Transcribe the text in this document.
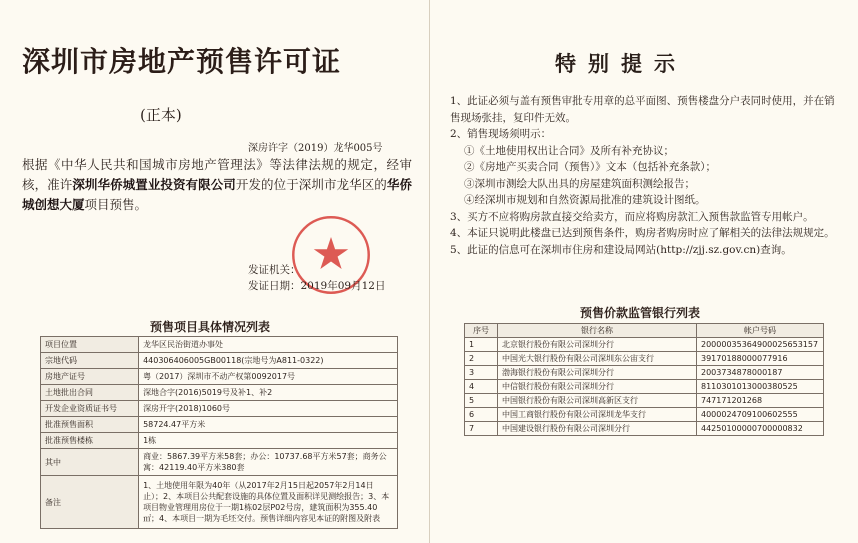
深圳市房地产预售许可证
(正本)
深房许字（2019）龙华005号
根据《中华人民共和国城市房地产管理法》等法律法规的规定，经审核，准许深圳华侨城置业投资有限公司开发的位于深圳市龙华区的华侨城创想大厦项目预售。
发证机关：
发证日期：2019年09月12日
预售项目具体情况列表
项目位置	龙华区民治街道办事处
宗地代码	440306406005GB00118(宗地号为A811-0322)
房地产证号	粤（2017）深圳市不动产权第0092017号
土地批出合同	深地合字(2016)5019号及补1、补2
开发企业资质证书号	深房开字(2018)1060号
批准预售面积	58724.47平方米
批准预售楼栋	1栋
其中	商业：5867.39平方米58套；办公：10737.68平方米57套；商务公寓：42119.40平方米380套
备注	1、土地使用年限为40年（从2017年2月15日起2057年2月14日止）；2、本项目公共配套设施的具体位置及面积详见测绘报告；3、本项目物业管理用房位于一期1栋02层P02号房，建筑面积为355.40㎡；4、本项目一期为毛坯交付。预售详细内容见本证的附图及附表
特别提示
1、此证必须与盖有预售审批专用章的总平面图、预售楼盘分户表同时使用，并在销售现场张挂，复印件无效。
2、销售现场须明示：
①《土地使用权出让合同》及所有补充协议；
②《房地产买卖合同（预售）》文本（包括补充条款）；
③深圳市测绘大队出具的房屋建筑面积测绘报告；
④经深圳市规划和自然资源局批准的建筑设计图纸。
3、买方不应将购房款直接交给卖方，而应将购房款汇入预售款监管专用帐户。
4、本证只说明此楼盘已达到预售条件，购房者购房时应了解相关的法律法规规定。
5、此证的信息可在深圳市住房和建设局网站(http://zjj.sz.gov.cn)查询。
预售价款监管银行列表
序号	银行名称	帐户号码
1	北京银行股份有限公司深圳分行	20000035364900025653157
2	中国光大银行股份有限公司深圳东公宙支行	39170188000077916
3	渤海银行股份有限公司深圳分行	2003734878000187
4	中信银行股份有限公司深圳分行	8110301013000380525
5	中国银行股份有限公司深圳高新区支行	747171201268
6	中国工商银行股份有限公司深圳龙华支行	4000024709100602555
7	中国建设银行股份有限公司深圳分行	44250100000700000832
